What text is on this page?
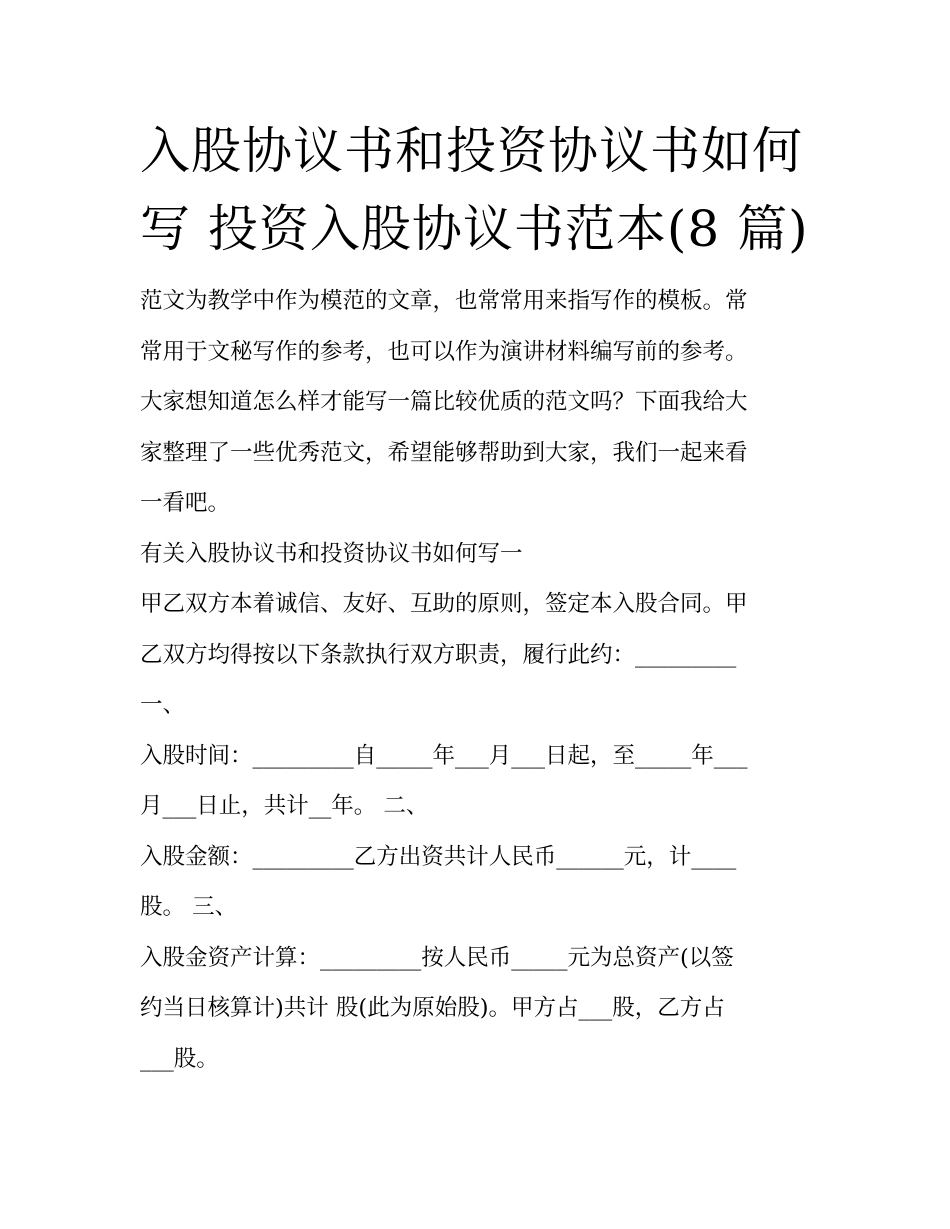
入股协议书和投资协议书如何
写 投资入股协议书范本(8 篇)
范文为教学中作为模范的文章，也常常用来指写作的模板。常
常用于文秘写作的参考，也可以作为演讲材料编写前的参考。
大家想知道怎么样才能写一篇比较优质的范文吗？下面我给大
家整理了一些优秀范文，希望能够帮助到大家，我们一起来看
一看吧。
有关入股协议书和投资协议书如何写一
甲乙双方本着诚信、友好、互助的原则，签定本入股合同。甲
乙双方均得按以下条款执行双方职责，履行此约：_________
一、
入股时间：_________自_____年___月___日起，至_____年___
月___日止，共计__年。 二、
入股金额：_________乙方出资共计人民币______元，计____
股。 三、
入股金资产计算：_________按人民币_____元为总资产(以签
约当日核算计)共计 股(此为原始股)。甲方占___股，乙方占
___股。
